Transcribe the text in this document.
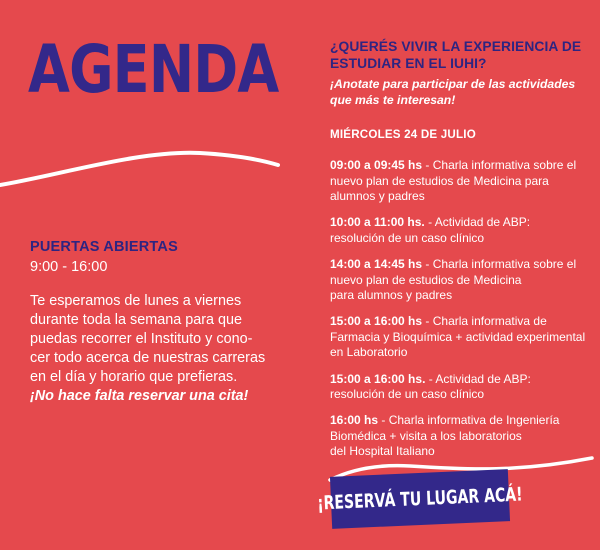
AGENDA
PUERTAS ABIERTAS
9:00 - 16:00

Te esperamos de lunes a viernes

durante toda la semana para que

puedas recorrer el Instituto y cono-

cer todo acerca de nuestras carreras

en el día y horario que prefieras.

¡No hace falta reservar una cita!

¿QUERÉS VIVIR LA EXPERIENCIA DE

ESTUDIAR EN EL IUHI?

¡Anotate para participar de las actividades

que más te interesan!

MIÉRCOLES 24 DE JULIO
09:00 a 09:45 hs - Charla informativa sobre el
nuevo plan de estudios de Medicina para
alumnos y padres
10:00 a 11:00 hs. - Actividad de ABP:
resolución de un caso clínico
14:00 a 14:45 hs - Charla informativa sobre el
nuevo plan de estudios de Medicina
para alumnos y padres
15:00 a 16:00 hs - Charla informativa de
Farmacia y Bioquímica + actividad experimental
en Laboratorio
15:00 a 16:00 hs. - Actividad de ABP:
resolución de un caso clínico
16:00 hs - Charla informativa de Ingeniería
Biomédica + visita a los laboratorios
del Hospital Italiano
¡RESERVÁ TU LUGAR ACÁ!
